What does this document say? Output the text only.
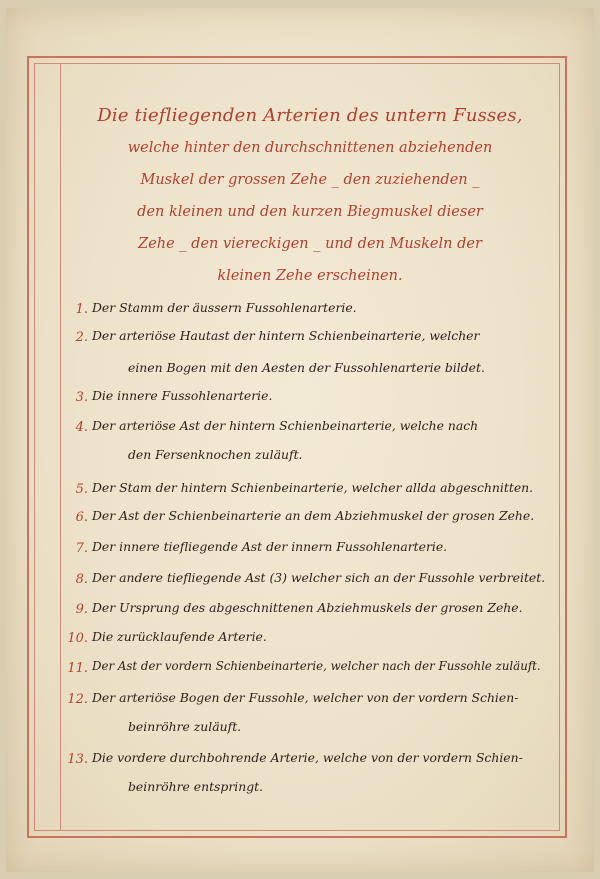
Die tiefliegenden Arterien des untern Fusses,
welche hinter den durchschnittenen abziehenden
Muskel der grossen Zehe _ den zuziehenden _
den kleinen und den kurzen Biegmuskel dieser
Zehe _ den viereckigen _ und den Muskeln der
kleinen Zehe erscheinen.
1. Der Stamm der äussern Fussohlenarterie.
2. Der arteriöse Hautast der hintern Schienbeinarterie, welcher
einen Bogen mit den Aesten der Fussohlenarterie bildet.
3. Die innere Fussohlenarterie.
4. Der arteriöse Ast der hintern Schienbeinarterie, welche nach
den Fersenknochen zuläuft.
5. Der Stam der hintern Schienbeinarterie, welcher allda abgeschnitten.
6. Der Ast der Schienbeinarterie an dem Abziehmuskel der grosen Zehe.
7. Der innere tiefliegende Ast der innern Fussohlenarterie.
8. Der andere tiefliegende Ast (3) welcher sich an der Fussohle verbreitet.
9. Der Ursprung des abgeschnittenen Abziehmuskels der grosen Zehe.
10. Die zurücklaufende Arterie.
11. Der Ast der vordern Schienbeinarterie, welcher nach der Fussohle zuläuft.
12. Der arteriöse Bogen der Fussohle, welcher von der vordern Schien-
beinröhre zuläuft.
13. Die vordere durchbohrende Arterie, welche von der vordern Schien-
beinröhre entspringt.
